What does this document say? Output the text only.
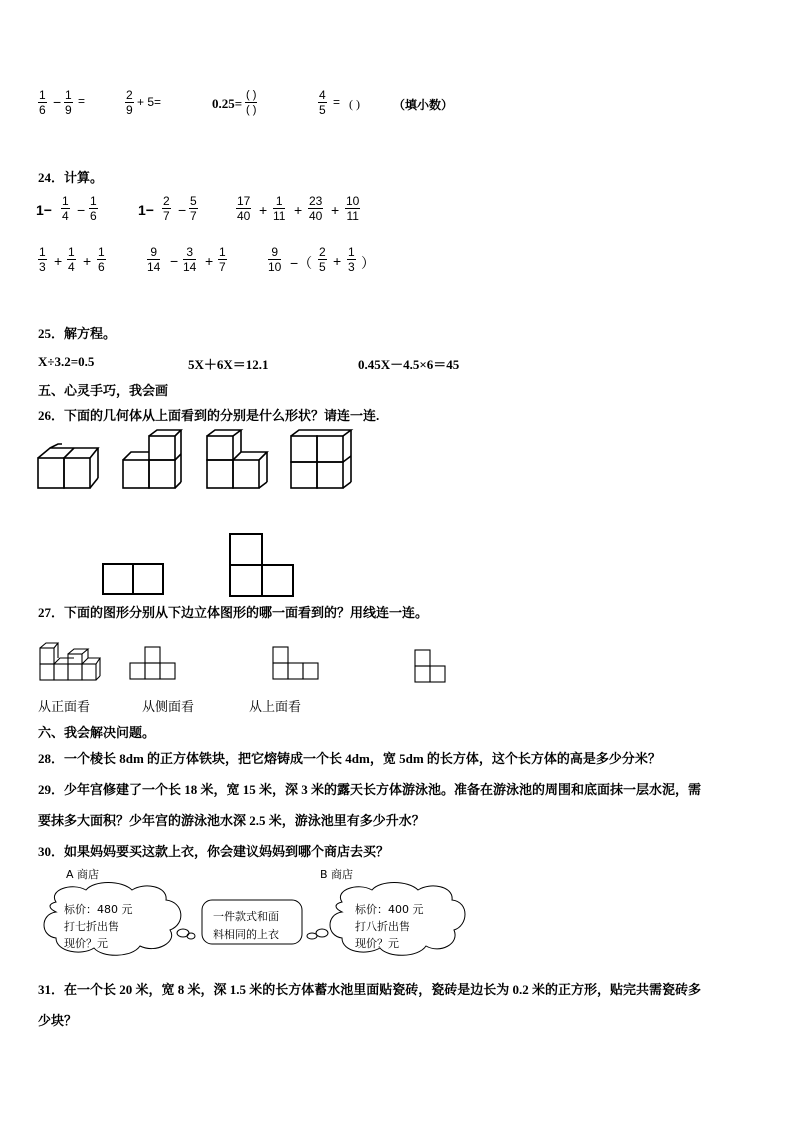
$\frac{1}{6} - \frac{1}{9}$ =	$\frac{2}{9} + 5=$	0.25=
( )
( )	$\frac{4}{5}$ = ( )	（填小数）
24．计算。
$1- \frac{1}{4} - \frac{1}{6}$	$1- \frac{2}{7} - \frac{5}{7}$	$\frac{17}{40} + \frac{1}{11} + \frac{23}{40} + \frac{10}{11}$
$\frac{1}{3} + \frac{1}{4} + \frac{1}{6}$	$\frac{9}{14} - \frac{3}{14} + \frac{1}{7}$	$\frac{9}{10}$ −（ $\frac{2}{5} + \frac{1}{3}$ ）
25．解方程。
X÷3.2=0.5	5X＋6X＝12.1	0.45X－4.5×6＝45
五、心灵手巧，我会画
26．下面的几何体从上面看到的分别是什么形状？请连一连.
27．下面的图形分别从下边立体图形的哪一面看到的？用线连一连。
从正面看	从侧面看	从上面看
六、我会解决问题。
28．一个棱长 8dm 的正方体铁块，把它熔铸成一个长 4dm，宽 5dm 的长方体，这个长方体的高是多少分米？
29．少年宫修建了一个长 18 米，宽 15 米，深 3 米的露天长方体游泳池。准备在游泳池的周围和底面抹一层水泥，需
要抹多大面积？少年宫的游泳池水深 2.5 米，游泳池里有多少升水？
30．如果妈妈要买这款上衣，你会建议妈妈到哪个商店去买？
A 商店
标价：480 元
打七折出售
现价？元
一件款式和面
料相同的上衣
B 商店
标价：400 元
打八折出售
现价？元
31．在一个长 20 米，宽 8 米，深 1.5 米的长方体蓄水池里面贴瓷砖，瓷砖是边长为 0.2 米的正方形，贴完共需瓷砖多
少块？
